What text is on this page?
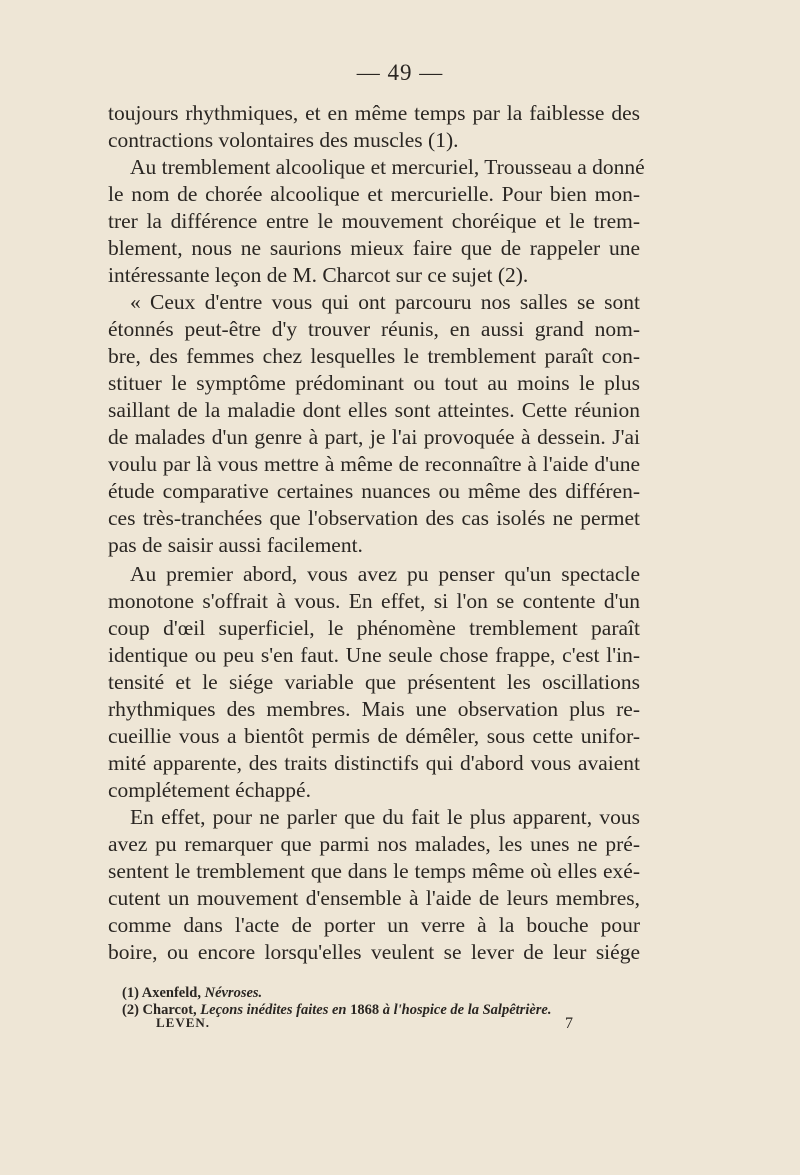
— 49 —
toujours rhythmiques, et en même temps par la faiblesse des
contractions volontaires des muscles (1).
Au tremblement alcoolique et mercuriel, Trousseau a donné
le nom de chorée alcoolique et mercurielle. Pour bien mon-
trer la différence entre le mouvement choréique et le trem-
blement, nous ne saurions mieux faire que de rappeler une
intéressante leçon de M. Charcot sur ce sujet (2).
« Ceux d'entre vous qui ont parcouru nos salles se sont
étonnés peut-être d'y trouver réunis, en aussi grand nom-
bre, des femmes chez lesquelles le tremblement paraît con-
stituer le symptôme prédominant ou tout au moins le plus
saillant de la maladie dont elles sont atteintes. Cette réunion
de malades d'un genre à part, je l'ai provoquée à dessein. J'ai
voulu par là vous mettre à même de reconnaître à l'aide d'une
étude comparative certaines nuances ou même des différen-
ces très-tranchées que l'observation des cas isolés ne permet
pas de saisir aussi facilement.
Au premier abord, vous avez pu penser qu'un spectacle
monotone s'offrait à vous. En effet, si l'on se contente d'un
coup d'œil superficiel, le phénomène tremblement paraît
identique ou peu s'en faut. Une seule chose frappe, c'est l'in-
tensité et le siége variable que présentent les oscillations
rhythmiques des membres. Mais une observation plus re-
cueillie vous a bientôt permis de démêler, sous cette unifor-
mité apparente, des traits distinctifs qui d'abord vous avaient
complétement échappé.
En effet, pour ne parler que du fait le plus apparent, vous
avez pu remarquer que parmi nos malades, les unes ne pré-
sentent le tremblement que dans le temps même où elles exé-
cutent un mouvement d'ensemble à l'aide de leurs membres,
comme dans l'acte de porter un verre à la bouche pour
boire, ou encore lorsqu'elles veulent se lever de leur siége
(1) Axenfeld, Névroses.
(2) Charcot, Leçons inédites faites en 1868 à l'hospice de la Salpêtrière.
LEVEN.	7
